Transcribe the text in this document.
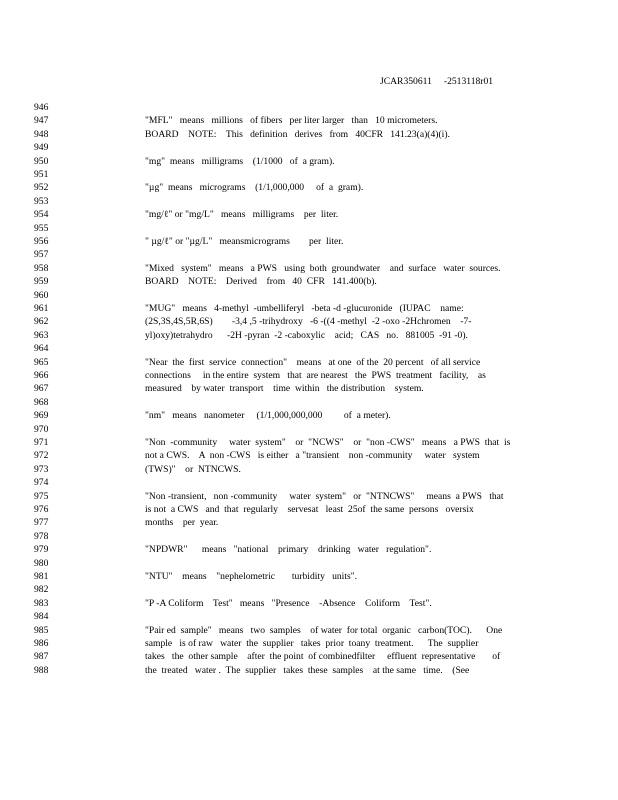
JCAR350611     -2513118r01
946
947	"MFL"   means   millions   of fibers   per liter larger   than   10 micrometers.
948	BOARD    NOTE:    This   definition   derives   from   40CFR   141.23(a)(4)(i).
949
950	"mg"  means   milligrams    (1/1000   of  a gram).
951
952	"µg"  means   micrograms    (1/1,000,000     of  a  gram).
953
954	"mg/ℓ" or "mg/L"   means   milligrams    per  liter.
955
956	" µg/ℓ" or "µg/L"   meansmicrograms        per  liter.
957
958	"Mixed   system"   means   a PWS   using  both  groundwater    and  surface   water  sources.
959	BOARD    NOTE:    Derived    from   40  CFR   141.400(b).
960
961	"MUG"   means   4-methyl  -umbelliferyl   -beta -d -glucuronide   (IUPAC    name:
962	(2S,3S,4S,5R,6S)        -3,4 ,5 -trihydroxy   -6 -((4 -methyl  -2 -oxo -2Hchromen    -7-
963	yl)oxy)tetrahydro      -2H -pyran  -2 -caboxylic    acid;   CAS   no.   881005  -91 -0).
964
965	"Near  the  first  service  connection"    means   at one  of the  20 percent   of all service
966	connections     in the entire  system   that  are nearest   the  PWS  treatment   facility,    as
967	measured    by water  transport    time  within   the distribution    system.
968
969	"nm"   means   nanometer     (1/1,000,000,000         of  a meter).
970
971	"Non  -community     water  system"    or  "NCWS"    or  "non -CWS"   means   a PWS  that  is
972	not a CWS.    A  non -CWS   is either   a "transient    non -community     water   system
973	(TWS)"    or  NTNCWS.
974
975	"Non -transient,   non -community     water  system"   or  "NTNCWS"     means  a PWS   that
976	is not  a CWS   and  that  regularly    servesat   least  25of  the same  persons   oversix
977	months    per  year.
978
979	"NPDWR"      means   "national    primary    drinking   water   regulation".
980
981	"NTU"    means    "nephelometric       turbidity   units".
982
983	"P -A Coliform    Test"   means   "Presence    -Absence    Coliform    Test".
984
985	"Pair ed  sample"   means   two  samples    of water  for total  organic   carbon(TOC).      One
986	sample   is of raw   water  the  supplier   takes  prior  toany  treatment.      The  supplier
987	takes   the  other sample    after  the point  of combinedfilter     effluent  representative       of
988	the  treated   water .  The  supplier   takes  these  samples    at the same   time.    (See
